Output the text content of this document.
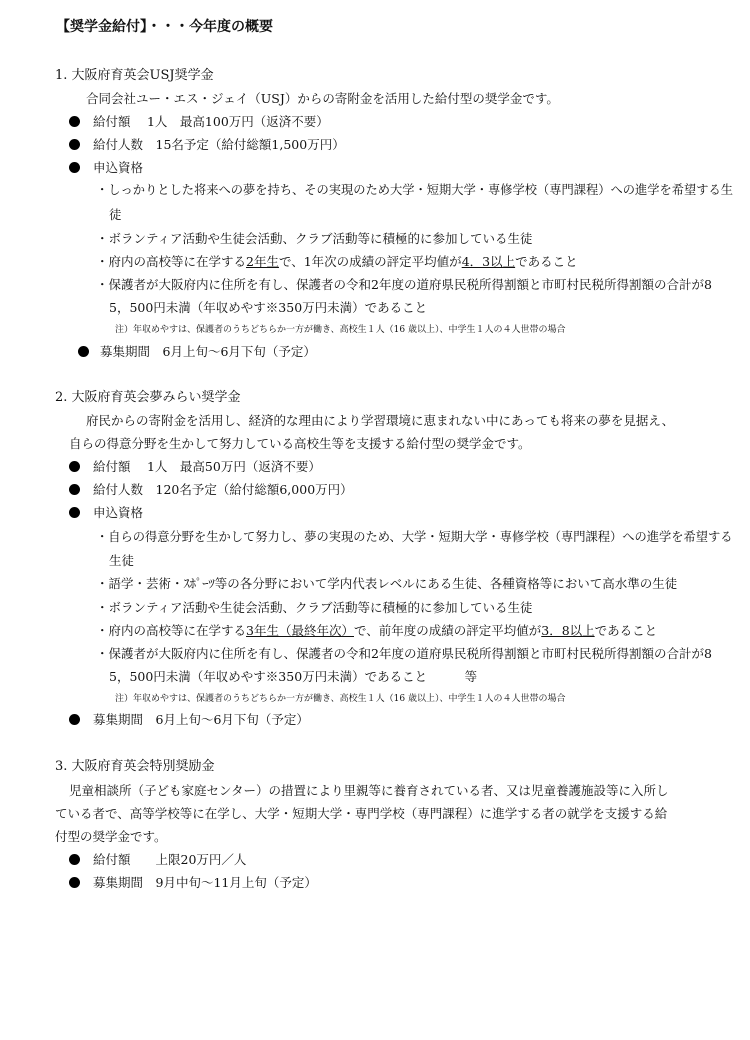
【奨学金給付】・・・今年度の概要
1. 大阪府育英会USJ奨学金
合同会社ユー・エス・ジェイ（USJ）からの寄附金を活用した給付型の奨学金です。
給付額　 1人　最高100万円（返済不要）
給付人数　15名予定（給付総額1,500万円）
申込資格
・しっかりとした将来への夢を持ち、その実現のため大学・短期大学・専修学校（専門課程）への進学を希望する生
徒
・ボランティア活動や生徒会活動、クラブ活動等に積極的に参加している生徒
・府内の高校等に在学する2年生で、1年次の成績の評定平均値が4．3以上であること
・保護者が大阪府内に住所を有し、保護者の令和2年度の道府県民税所得割額と市町村民税所得割額の合計が8
5，500円未満（年収めやす※350万円未満）であること
注）年収めやすは、保護者のうちどちらか一方が働き、高校生１人（16 歳以上）、中学生１人の４人世帯の場合
募集期間　6月上旬～6月下旬（予定）
2. 大阪府育英会夢みらい奨学金
府民からの寄附金を活用し、経済的な理由により学習環境に恵まれない中にあっても将来の夢を見据え、
自らの得意分野を生かして努力している高校生等を支援する給付型の奨学金です。
給付額　 1人　最高50万円（返済不要）
給付人数　120名予定（給付総額6,000万円）
申込資格
・自らの得意分野を生かして努力し、夢の実現のため、大学・短期大学・専修学校（専門課程）への進学を希望する
生徒
・語学・芸術・ｽﾎﾟｰﾂ等の各分野において学内代表レベルにある生徒、各種資格等において高水準の生徒
・ボランティア活動や生徒会活動、クラブ活動等に積極的に参加している生徒
・府内の高校等に在学する3年生（最終年次）で、前年度の成績の評定平均値が3．8以上であること
・保護者が大阪府内に住所を有し、保護者の令和2年度の道府県民税所得割額と市町村民税所得割額の合計が8
5，500円未満（年収めやす※350万円未満）であること　　　等
注）年収めやすは、保護者のうちどちらか一方が働き、高校生１人（16 歳以上）、中学生１人の４人世帯の場合
募集期間　6月上旬～6月下旬（予定）
3. 大阪府育英会特別奨励金
児童相談所（子ども家庭センター）の措置により里親等に養育されている者、又は児童養護施設等に入所し
ている者で、高等学校等に在学し、大学・短期大学・専門学校（専門課程）に進学する者の就学を支援する給
付型の奨学金です。
給付額　　上限20万円／人
募集期間　9月中旬～11月上旬（予定）
